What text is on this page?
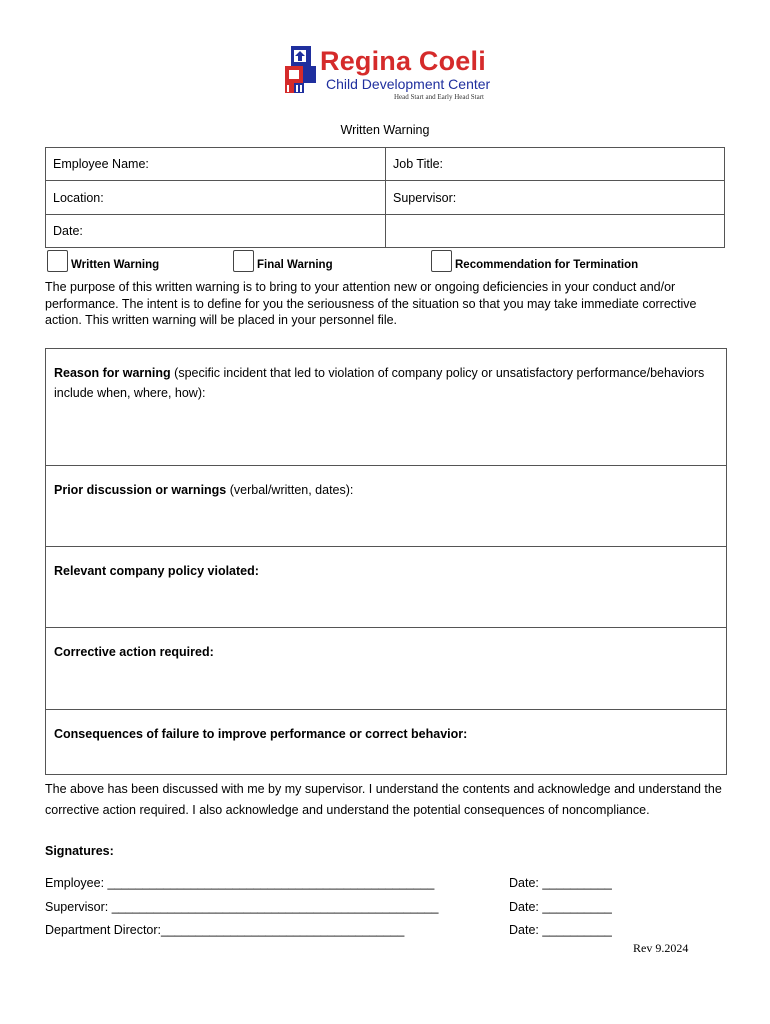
Regina Coeli
Child Development Center
Head Start and Early Head Start
Written Warning
Employee Name:	Job Title:
Location:	Supervisor:
Date:	
Written Warning	Final Warning	Recommendation for Termination
The purpose of this written warning is to bring to your attention new or ongoing deficiencies in your conduct and/or performance. The intent is to define for you the seriousness of the situation so that you may take immediate corrective action. This written warning will be placed in your personnel file.
Reason for warning (specific incident that led to violation of company policy or unsatisfactory performance/behaviors include when, where, how):
Prior discussion or warnings (verbal/written, dates):
Relevant company policy violated:
Corrective action required:
Consequences of failure to improve performance or correct behavior:
The above has been discussed with me by my supervisor. I understand the contents and acknowledge and understand the corrective action required. I also acknowledge and understand the potential consequences of noncompliance.
Signatures:
Employee: _______________________________________________	Date: __________
Supervisor: _______________________________________________	Date: __________
Department Director:___________________________________	Date: __________
Rev 9.2024
